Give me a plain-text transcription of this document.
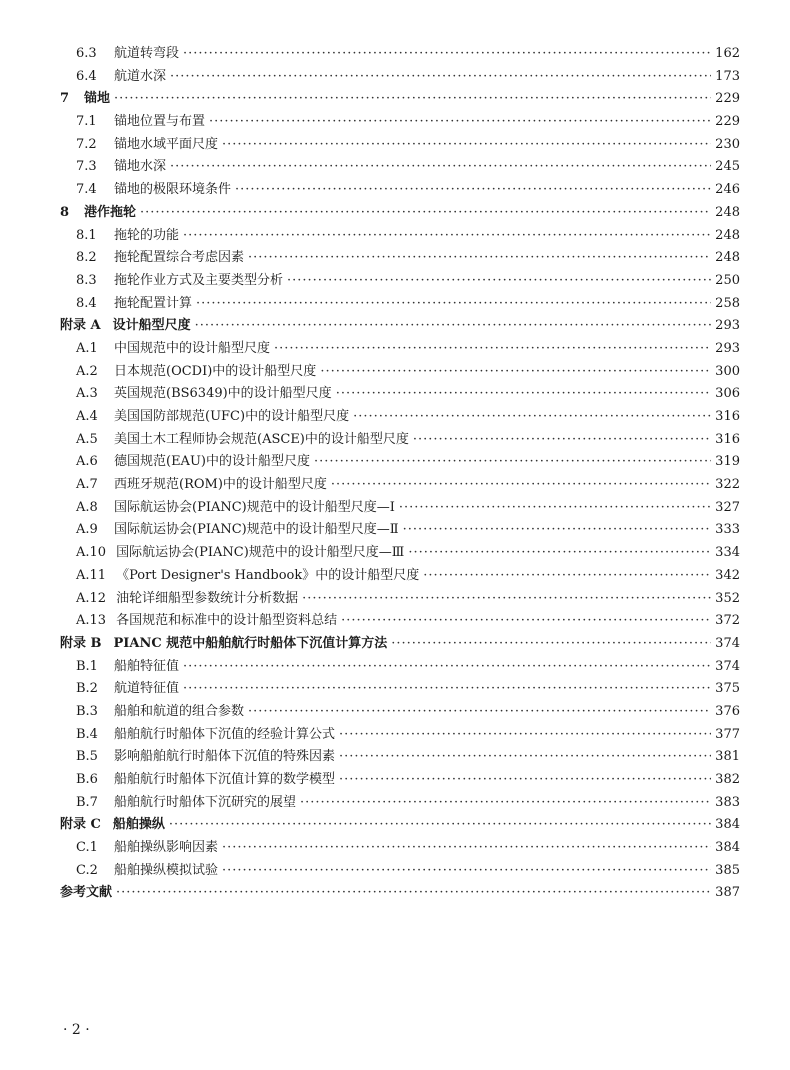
6.3	航道转弯段 ·····	162
6.4	航道水深 ·····	173
7	锚地 ·····	229
7.1	锚地位置与布置 ·····	229
7.2	锚地水域平面尺度 ·····	230
7.3	锚地水深 ·····	245
7.4	锚地的极限环境条件 ·····	246
8	港作拖轮 ·····	248
8.1	拖轮的功能 ·····	248
8.2	拖轮配置综合考虑因素 ·····	248
8.3	拖轮作业方式及主要类型分析 ·····	250
8.4	拖轮配置计算 ·····	258
附录 A 设计船型尺度 ·····	293
A.1	中国规范中的设计船型尺度 ·····	293
A.2	日本规范(OCDI)中的设计船型尺度 ·····	300
A.3	英国规范(BS6349)中的设计船型尺度 ·····	306
A.4	美国国防部规范(UFC)中的设计船型尺度 ·····	316
A.5	美国土木工程师协会规范(ASCE)中的设计船型尺度 ·····	316
A.6	德国规范(EAU)中的设计船型尺度 ·····	319
A.7	西班牙规范(ROM)中的设计船型尺度 ·····	322
A.8	国际航运协会(PIANC)规范中的设计船型尺度—Ⅰ ·····	327
A.9	国际航运协会(PIANC)规范中的设计船型尺度—Ⅱ ·····	333
A.10 国际航运协会(PIANC)规范中的设计船型尺度—Ⅲ ·····	334
A.11 《Port Designer's Handbook》中的设计船型尺度 ·····	342
A.12 油轮详细船型参数统计分析数据 ·····	352
A.13 各国规范和标准中的设计船型资料总结 ·····	372
附录 B PIANC 规范中船舶航行时船体下沉值计算方法 ·····	374
B.1	船舶特征值 ·····	374
B.2	航道特征值 ·····	375
B.3	船舶和航道的组合参数 ·····	376
B.4	船舶航行时船体下沉值的经验计算公式 ·····	377
B.5	影响船舶航行时船体下沉值的特殊因素 ·····	381
B.6	船舶航行时船体下沉值计算的数学模型 ·····	382
B.7	船舶航行时船体下沉研究的展望 ·····	383
附录 C 船舶操纵 ·····	384
C.1	船舶操纵影响因素 ·····	384
C.2	船舶操纵模拟试验 ·····	385
参考文献 ·····	387
· 2 ·
